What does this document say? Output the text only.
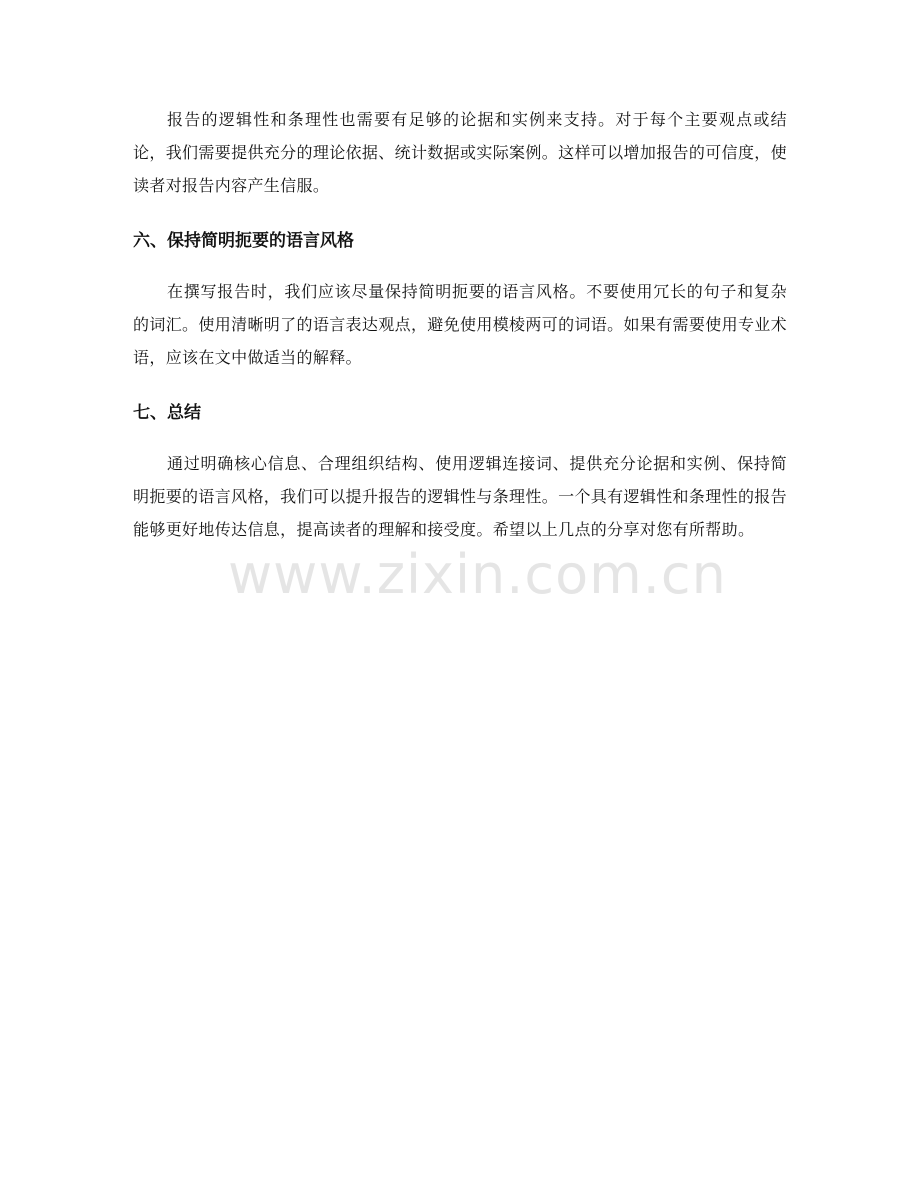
报告的逻辑性和条理性也需要有足够的论据和实例来支持。对于每个主要观点或结论，我们需要提供充分的理论依据、统计数据或实际案例。这样可以增加报告的可信度，使读者对报告内容产生信服。

六、保持简明扼要的语言风格

在撰写报告时，我们应该尽量保持简明扼要的语言风格。不要使用冗长的句子和复杂的词汇。使用清晰明了的语言表达观点，避免使用模棱两可的词语。如果有需要使用专业术语，应该在文中做适当的解释。

七、总结

通过明确核心信息、合理组织结构、使用逻辑连接词、提供充分论据和实例、保持简明扼要的语言风格，我们可以提升报告的逻辑性与条理性。一个具有逻辑性和条理性的报告能够更好地传达信息，提高读者的理解和接受度。希望以上几点的分享对您有所帮助。

www.zixin.com.cn
